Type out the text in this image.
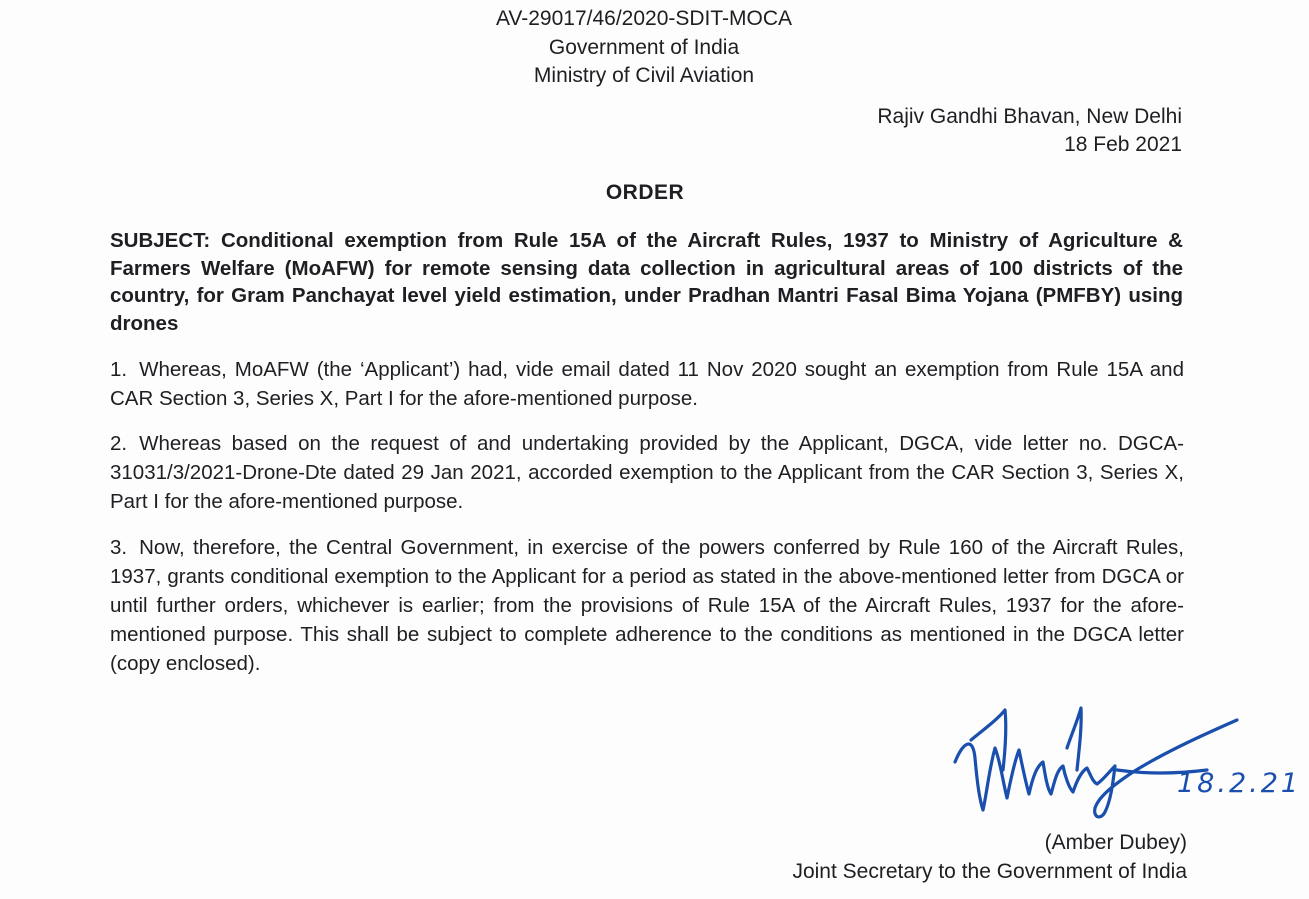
AV-29017/46/2020-SDIT-MOCA
Government of India
Ministry of Civil Aviation
Rajiv Gandhi Bhavan, New Delhi
18 Feb 2021
ORDER
SUBJECT: Conditional exemption from Rule 15A of the Aircraft Rules, 1937 to Ministry of Agriculture & Farmers Welfare (MoAFW) for remote sensing data collection in agricultural areas of 100 districts of the country, for Gram Panchayat level yield estimation, under Pradhan Mantri Fasal Bima Yojana (PMFBY) using drones
1. Whereas, MoAFW (the ‘Applicant’) had, vide email dated 11 Nov 2020 sought an exemption from Rule 15A and CAR Section 3, Series X, Part I for the afore-mentioned purpose.
2. Whereas based on the request of and undertaking provided by the Applicant, DGCA, vide letter no. DGCA-31031/3/2021-Drone-Dte dated 29 Jan 2021, accorded exemption to the Applicant from the CAR Section 3, Series X, Part I for the afore-mentioned purpose.
3. Now, therefore, the Central Government, in exercise of the powers conferred by Rule 160 of the Aircraft Rules, 1937, grants conditional exemption to the Applicant for a period as stated in the above-mentioned letter from DGCA or until further orders, whichever is earlier; from the provisions of Rule 15A of the Aircraft Rules, 1937 for the afore-mentioned purpose. This shall be subject to complete adherence to the conditions as mentioned in the DGCA letter (copy enclosed).
18.2.21
(Amber Dubey)
Joint Secretary to the Government of India
